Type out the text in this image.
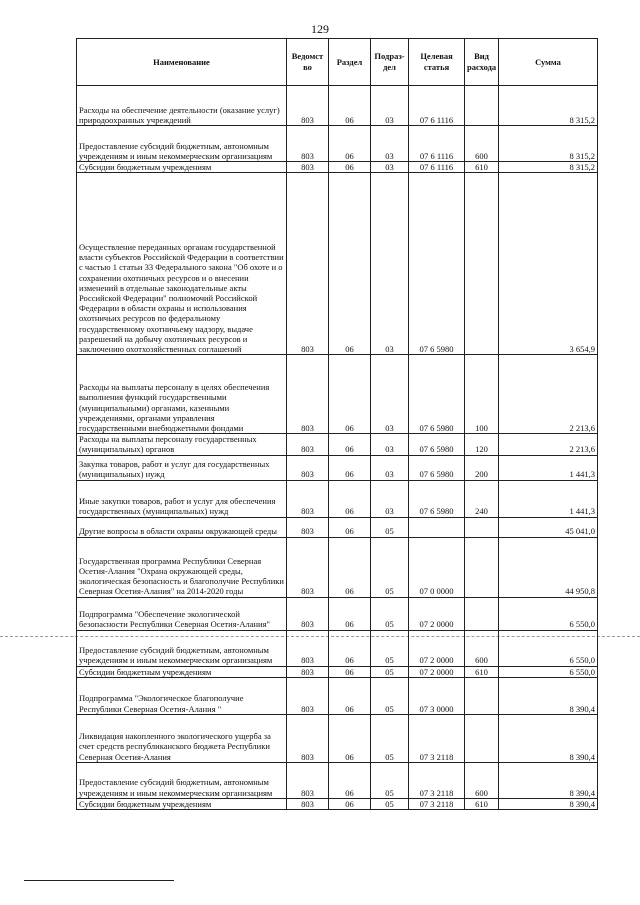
129
Наименование	Ведомст во	Раздел	Подраз- дел	Целевая статья	Вид расхода	Сумма
Расходы на обеспечение деятельности (оказание услуг) природоохранных учреждений	803	06	03	07 6 1116		8 315,2
Предоставление субсидий бюджетным, автономным учреждениям и иным некоммерческим организациям	803	06	03	07 6 1116	600	8 315,2
Субсидии бюджетным учреждениям	803	06	03	07 6 1116	610	8 315,2
Осуществление переданных органам государственной власти субъектов Российской Федерации в соответствии с частью 1 статьи 33 Федерального закона "Об охоте и о сохранении охотничьих ресурсов и о внесении изменений в отдельные законодательные акты Российской Федерации" полномочий Российской Федерации в области охраны и использования охотничьих ресурсов по федеральному государственному охотничьему надзору, выдаче разрешений на добычу охотничьих ресурсов и заключению охотхозяйственных соглашений	803	06	03	07 6 5980		3 654,9
Расходы на выплаты персоналу в целях обеспечения выполнения функций государственными (муниципальными) органами, казенными учреждениями, органами управления государственными внебюджетными фондами	803	06	03	07 6 5980	100	2 213,6
Расходы на выплаты персоналу государственных (муниципальных) органов	803	06	03	07 6 5980	120	2 213,6
Закупка товаров, работ и услуг для государственных (муниципальных) нужд	803	06	03	07 6 5980	200	1 441,3
Иные закупки товаров, работ и услуг для обеспечения государственных (муниципальных) нужд	803	06	03	07 6 5980	240	1 441,3
Другие вопросы в области охраны окружающей среды	803	06	05			45 041,0
Государственная программа Республики Северная Осетия-Алания "Охрана окружающей среды, экологическая безопасность и благополучие Республики Северная Осетия-Алания" на 2014-2020 годы	803	06	05	07 0 0000		44 950,8
Подпрограмма "Обеспечение экологической безопасности Республики Северная Осетия-Алания"	803	06	05	07 2 0000		6 550,0
Предоставление субсидий бюджетным, автономным учреждениям и иным некоммерческим организациям	803	06	05	07 2 0000	600	6 550,0
Субсидии бюджетным учреждениям	803	06	05	07 2 0000	610	6 550,0
Подпрограмма "Экологическое благополучие Республики Северная Осетия-Алания "	803	06	05	07 3 0000		8 390,4
Ликвидация накопленного экологического ущерба за счет средств республиканского бюджета Республики Северная Осетия-Алания	803	06	05	07 3 2118		8 390,4
Предоставление субсидий бюджетным, автономным учреждениям и иным некоммерческим организациям	803	06	05	07 3 2118	600	8 390,4
Субсидии бюджетным учреждениям	803	06	05	07 3 2118	610	8 390,4
